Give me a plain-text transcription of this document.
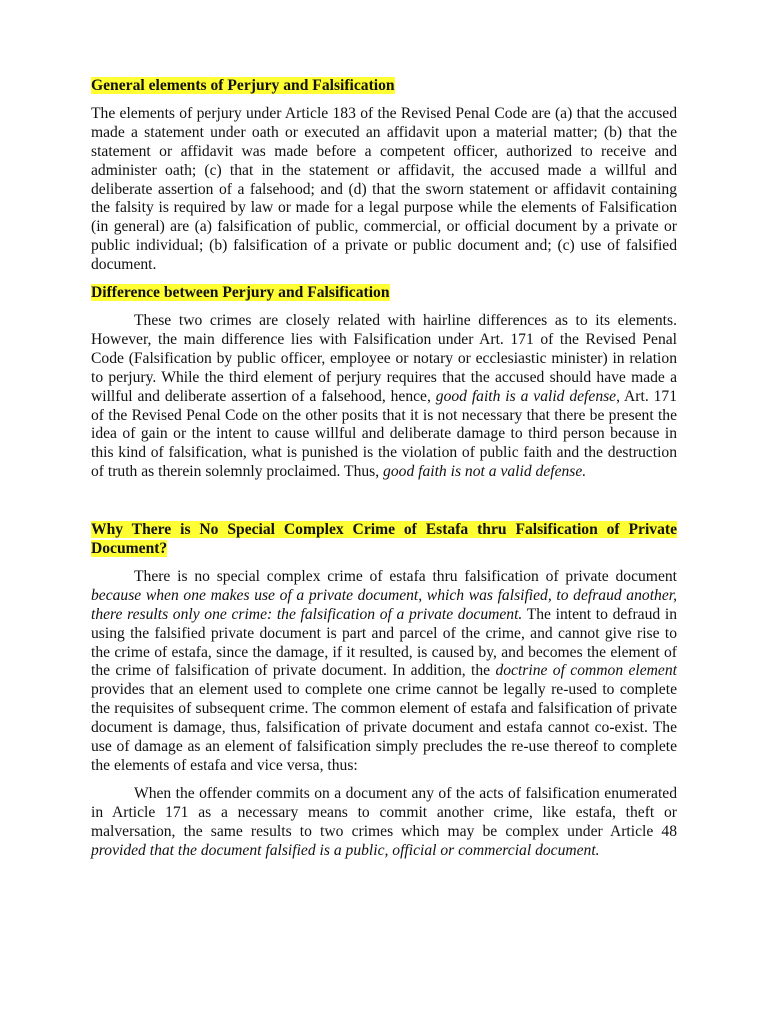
General elements of Perjury and Falsification

The elements of perjury under Article 183 of the Revised Penal Code are (a) that the accused made a statement under oath or executed an affidavit upon a material matter; (b) that the statement or affidavit was made before a competent officer, authorized to receive and administer oath; (c) that in the statement or affidavit, the accused made a willful and deliberate assertion of a falsehood; and (d) that the sworn statement or affidavit containing the falsity is required by law or made for a legal purpose while the elements of Falsification (in general) are (a) falsification of public, commercial, or official document by a private or public individual; (b) falsification of a private or public document and; (c) use of falsified document.

Difference between Perjury and Falsification

These two crimes are closely related with hairline differences as to its elements. However, the main difference lies with Falsification under Art. 171 of the Revised Penal Code (Falsification by public officer, employee or notary or ecclesiastic minister) in relation to perjury. While the third element of perjury requires that the accused should have made a willful and deliberate assertion of a falsehood, hence, good faith is a valid defense, Art. 171 of the Revised Penal Code on the other posits that it is not necessary that there be present the idea of gain or the intent to cause willful and deliberate damage to third person because in this kind of falsification, what is punished is the violation of public faith and the destruction of truth as therein solemnly proclaimed. Thus, good faith is not a valid defense.

Why There is No Special Complex Crime of Estafa thru Falsification of Private Document?

There is no special complex crime of estafa thru falsification of private document because when one makes use of a private document, which was falsified, to defraud another, there results only one crime: the falsification of a private document. The intent to defraud in using the falsified private document is part and parcel of the crime, and cannot give rise to the crime of estafa, since the damage, if it resulted, is caused by, and becomes the element of the crime of falsification of private document. In addition, the doctrine of common element provides that an element used to complete one crime cannot be legally re-used to complete the requisites of subsequent crime. The common element of estafa and falsification of private document is damage, thus, falsification of private document and estafa cannot co-exist. The use of damage as an element of falsification simply precludes the re-use thereof to complete the elements of estafa and vice versa, thus:

When the offender commits on a document any of the acts of falsification enumerated in Article 171 as a necessary means to commit another crime, like estafa, theft or malversation, the same results to two crimes which may be complex under Article 48 provided that the document falsified is a public, official or commercial document.
